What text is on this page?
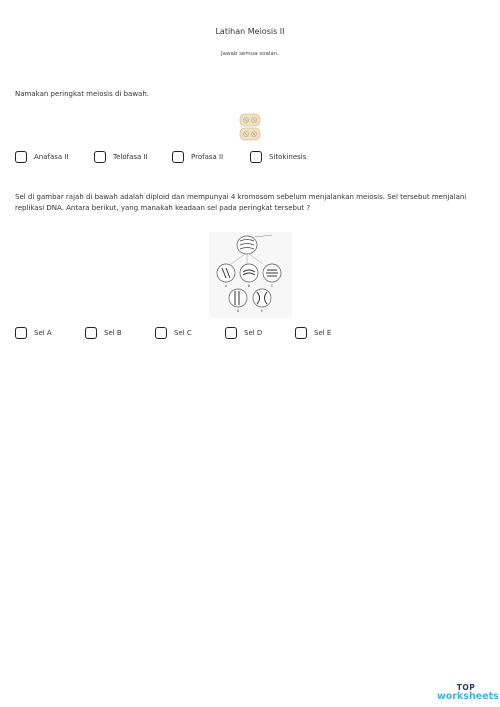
Latihan Meiosis II
Jawab semua soalan.
Namakan peringkat meiosis di bawah.
Anafasa II	Telofasa II	Profasa II	Sitokinesis
Sel di gambar rajah di bawah adalah diploid dan mempunyai 4 kromosom sebelum menjalankan meiosis. Sel tersebut menjalani replikasi DNA. Antara berikut, yang manakah keadaan sel pada peringkat tersebut ?
A	B	C
D	E
Sel A	Sel B	Sel C	Sel D	Sel E
TOP
worksheets
